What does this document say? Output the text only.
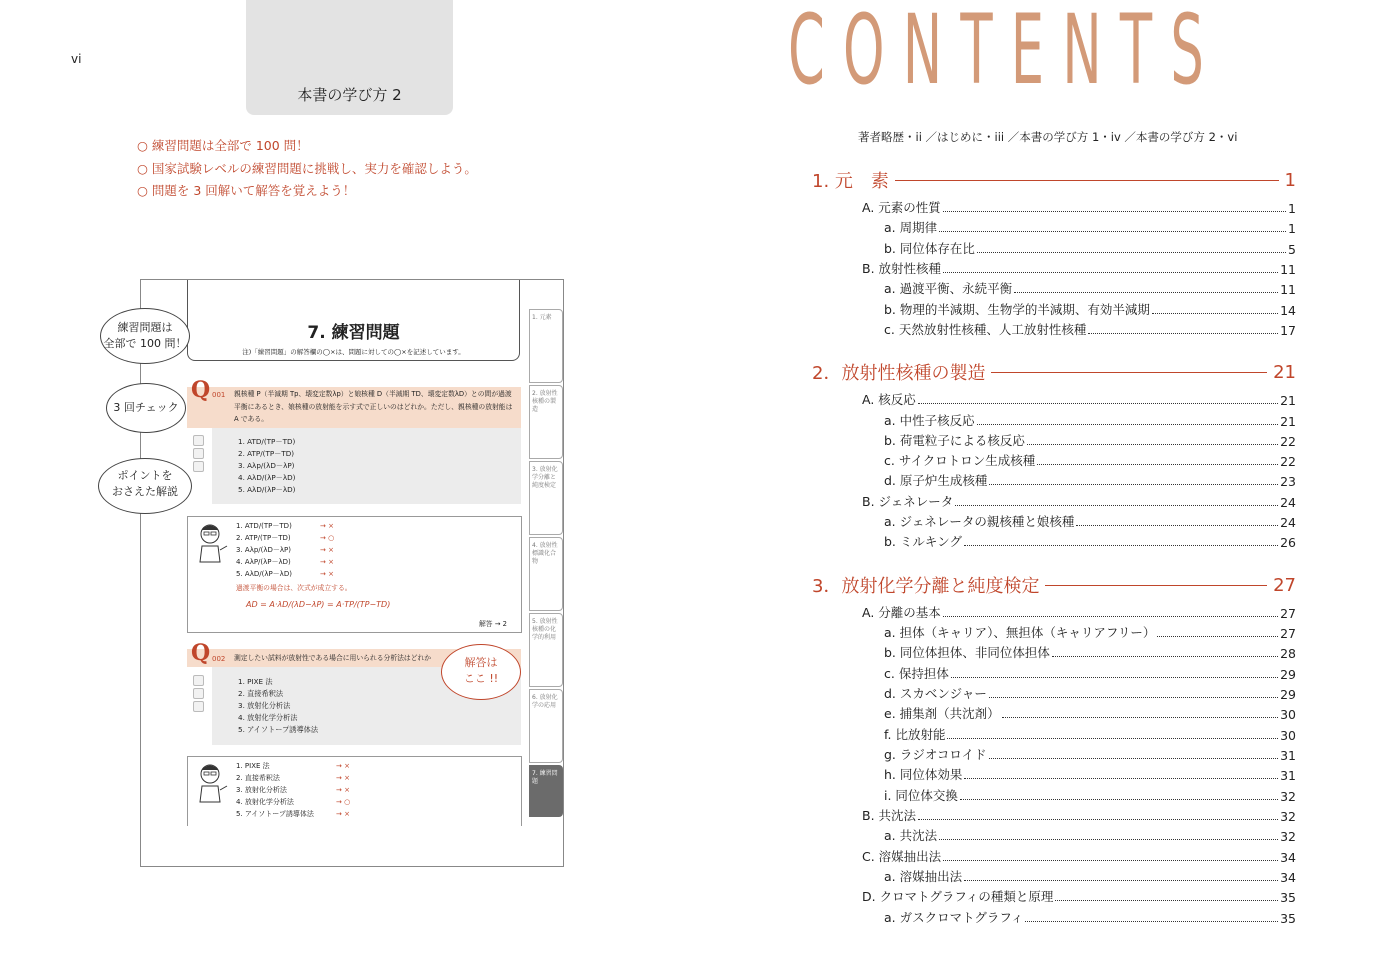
vi
本書の学び方 2
○ 練習問題は全部で 100 問！
○ 国家試験レベルの練習問題に挑戦し、実力を確認しよう。
○ 問題を 3 回解いて解答を覚えよう！
7. 練習問題
注)「練習問題」の解答欄の◯×は、問題に対しての◯×を記述しています。
Q 001 親核種 P（半減期 Tp、壊変定数λp）と娘核種 D（半減期 TD、壊変定数λD）との間が過渡平衡にあるとき、娘核種の放射能を示す式で正しいのはどれか。ただし、親核種の放射能は A である。
1. ATD/(TP－TD)
2. ATP/(TP－TD)
3. Aλp/(λD－λP)
4. AλD/(λP－λD)
5. AλD/(λP－λD)
1. ATD/(TP－TD)
2. ATP/(TP－TD)
3. Aλp/(λD－λP)
4. AλP/(λP－λD)
5. AλD/(λP－λD)
→ ×
→ ○
→ ×
→ ×
→ ×
過渡平衡の場合は、次式が成立する。
AD = A·λD/(λD−λP) = A·TP/(TP−TD)
解答 → 2
Q 002 測定したい試料が放射性である場合に用いられる分析法はどれか
1. PIXE 法
2. 直接希釈法
3. 放射化分析法
4. 放射化学分析法
5. アイソトープ誘導体法
1. PIXE 法
2. 直接希釈法
3. 放射化分析法
4. 放射化学分析法
5. アイソトープ誘導体法
→ ×
→ ×
→ ×
→ ○
→ ×
1. 元素
2. 放射性核種の製造
3. 放射化学分離と純度検定
4. 放射性標識化合物
5. 放射性核種の化学的利用
6. 放射化学の応用
7. 練習問題
練習問題は
全部で 100 問！
3 回チェック
ポイントを
おさえた解説
解答は
ここ !!
CONTENTS
著者略歴・ii ／はじめに・iii ／本書の学び方 1・iv ／本書の学び方 2・vi
1. 元　素	1
A. 元素の性質	1
a. 周期律	1
b. 同位体存在比	5
B. 放射性核種	11
a. 過渡平衡、永続平衡	11
b. 物理的半減期、生物学的半減期、有効半減期	14
c. 天然放射性核種、人工放射性核種	17
2．放射性核種の製造	21
A. 核反応	21
a. 中性子核反応	21
b. 荷電粒子による核反応	22
c. サイクロトロン生成核種	22
d. 原子炉生成核種	23
B. ジェネレータ	24
a. ジェネレータの親核種と娘核種	24
b. ミルキング	26
3．放射化学分離と純度検定	27
A. 分離の基本	27
a. 担体（キャリア）、無担体（キャリアフリー）	27
b. 同位体担体、非同位体担体	28
c. 保持担体	29
d. スカベンジャー	29
e. 捕集剤（共沈剤）	30
f. 比放射能	30
g. ラジオコロイド	31
h. 同位体効果	31
i. 同位体交換	32
B. 共沈法	32
a. 共沈法	32
C. 溶媒抽出法	34
a. 溶媒抽出法	34
D. クロマトグラフィの種類と原理	35
a. ガスクロマトグラフィ	35
